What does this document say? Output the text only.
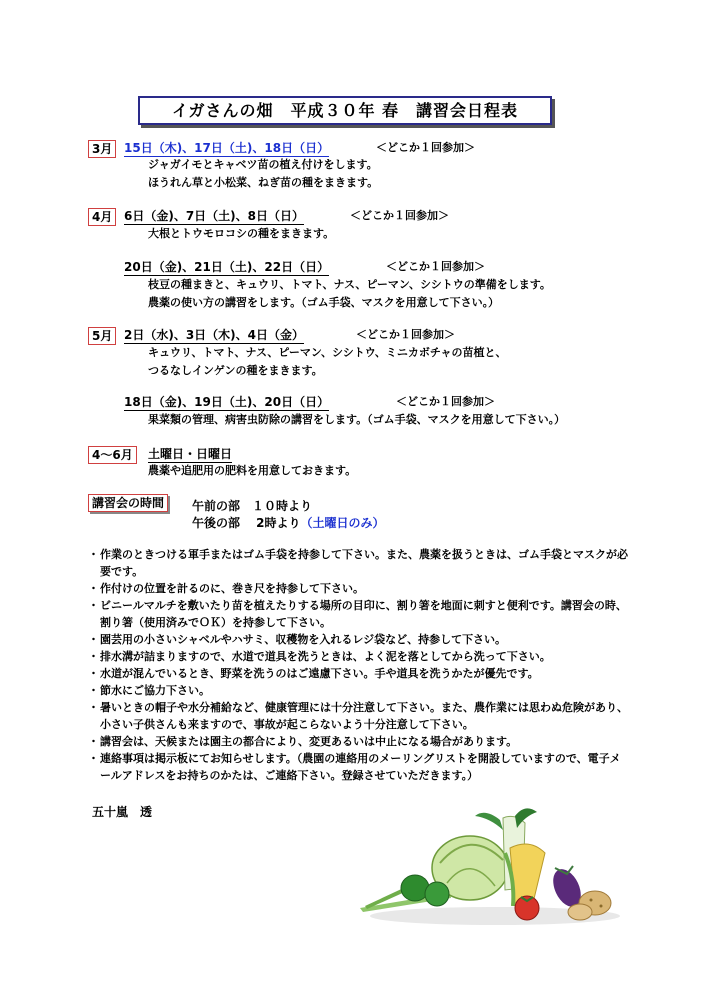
イガさんの畑　平成３０年 春　講習会日程表
3月 15日（木)、17日（土)、18日（日）	＜どこか１回参加＞
ジャガイモとキャベツ苗の植え付けをします。
ほうれん草と小松菜、ねぎ苗の種をまきます。
4月 6日（金)、7日（土)、8日（日）	＜どこか１回参加＞
大根とトウモロコシの種をまきます。
20日（金)、21日（土)、22日（日）	＜どこか１回参加＞
枝豆の種まきと、キュウリ、トマト、ナス、ピーマン、シシトウの準備をします。
農薬の使い方の講習をします。（ゴム手袋、マスクを用意して下さい。）
5月 2日（水)、3日（木)、4日（金）	＜どこか１回参加＞
キュウリ、トマト、ナス、ピーマン、シシトウ、ミニカボチャの苗植と、
つるなしインゲンの種をまきます。
18日（金)、19日（土)、20日（日）	＜どこか１回参加＞
果菜類の管理、病害虫防除の講習をします。（ゴム手袋、マスクを用意して下さい。）
4～6月	土曜日・日曜日
農薬や追肥用の肥料を用意しておきます。
講習会の時間	午前の部　１０時より
午後の部　 2時より（土曜日のみ）
・ 作業のときつける軍手またはゴム手袋を持参して下さい。また、農薬を扱うときは、ゴム手袋とマスクが必要です。
・ 作付けの位置を計るのに、巻き尺を持参して下さい。
・ ビニールマルチを敷いたり苗を植えたりする場所の目印に、割り箸を地面に刺すと便利です。講習会の時、割り箸（使用済みでＯＫ）を持参して下さい。
・ 園芸用の小さいシャベルやハサミ、収穫物を入れるレジ袋など、持参して下さい。
・ 排水溝が詰まりますので、水道で道具を洗うときは、よく泥を落としてから洗って下さい。
・ 水道が混んでいるとき、野菜を洗うのはご遠慮下さい。手や道具を洗うかたが優先です。
・ 節水にご協力下さい。
・ 暑いときの帽子や水分補給など、健康管理には十分注意して下さい。また、農作業には思わぬ危険があり、小さい子供さんも来ますので、事故が起こらないよう十分注意して下さい。
・ 講習会は、天候または園主の都合により、変更あるいは中止になる場合があります。
・ 連絡事項は掲示板にてお知らせします。（農園の連絡用のメーリングリストを開設していますので、電子メールアドレスをお持ちのかたは、ご連絡下さい。登録させていただきます。）
五十嵐　透
